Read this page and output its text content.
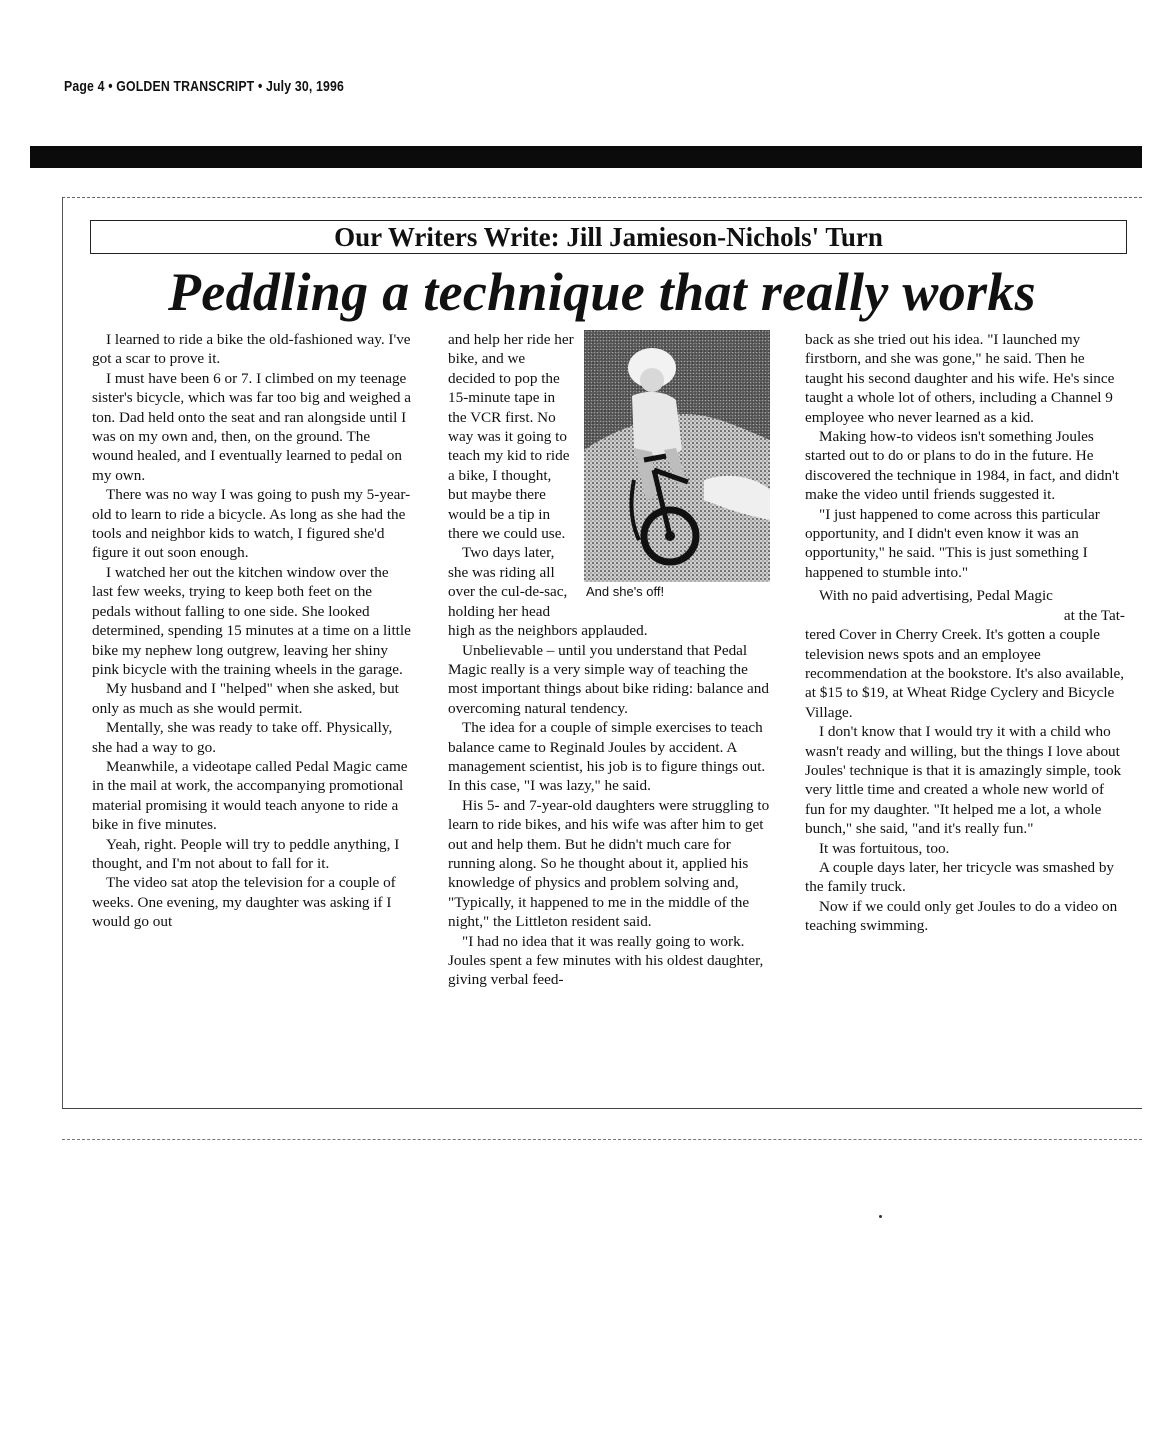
Page 4 • GOLDEN TRANSCRIPT • July 30, 1996
Our Writers Write: Jill Jamieson-Nichols' Turn
Peddling a technique that really works

I learned to ride a bike the old-fashioned way. I've got a scar to prove it.

I must have been 6 or 7. I climbed on my teenage sister's bicycle, which was far too big and weighed a ton. Dad held onto the seat and ran alongside until I was on my own and, then, on the ground. The wound healed, and I eventually learned to pedal on my own.

There was no way I was going to push my 5-year-old to learn to ride a bicycle. As long as she had the tools and neighbor kids to watch, I figured she'd figure it out soon enough.

I watched her out the kitchen window over the last few weeks, trying to keep both feet on the pedals without falling to one side. She looked determined, spending 15 minutes at a time on a little bike my nephew long outgrew, leaving her shiny pink bicycle with the training wheels in the garage.

My husband and I "helped" when she asked, but only as much as she would permit.

Mentally, she was ready to take off. Physically, she had a way to go.

Meanwhile, a videotape called Pedal Magic came in the mail at work, the accompanying promotional material promising it would teach anyone to ride a bike in five minutes.

Yeah, right. People will try to peddle anything, I thought, and I'm not about to fall for it.

The video sat atop the television for a couple of weeks. One evening, my daughter was asking if I would go out

And she's off!

and help her ride her bike, and we decided to pop the 15-minute tape in the VCR first. No way was it going to teach my kid to ride a bike, I thought, but maybe there would be a tip in there we could use.

Two days later, she was riding all over the cul-de-sac, holding her head high as the neighbors applauded.

Unbelievable – until you understand that Pedal Magic really is a very simple way of teaching the most important things about bike riding: balance and overcoming natural tendency.

The idea for a couple of simple exercises to teach balance came to Reginald Joules by accident. A management scientist, his job is to figure things out. In this case, "I was lazy," he said.

His 5- and 7-year-old daughters were struggling to learn to ride bikes, and his wife was after him to get out and help them. But he didn't much care for running along. So he thought about it, applied his knowledge of physics and problem solving and, "Typically, it happened to me in the middle of the night," the Littleton resident said.

"I had no idea that it was really going to work. Joules spent a few minutes with his oldest daughter, giving verbal feed-

back as she tried out his idea. "I launched my firstborn, and she was gone," he said. Then he taught his second daughter and his wife. He's since taught a whole lot of others, including a Channel 9 employee who never learned as a kid.

Making how-to videos isn't something Joules started out to do or plans to do in the future. He discovered the technique in 1984, in fact, and didn't make the video until friends suggested it.

"I just happened to come across this particular opportunity, and I didn't even know it was an opportunity," he said. "This is just something I happened to stumble into."

With no paid advertising, Pedal Magic

at the Tat-

tered Cover in Cherry Creek. It's gotten a couple television news spots and an employee recommendation at the bookstore. It's also available, at $15 to $19, at Wheat Ridge Cyclery and Bicycle Village.

I don't know that I would try it with a child who wasn't ready and willing, but the things I love about Joules' technique is that it is amazingly simple, took very little time and created a whole new world of fun for my daughter. "It helped me a lot, a whole bunch," she said, "and it's really fun."

It was fortuitous, too.

A couple days later, her tricycle was smashed by the family truck.

Now if we could only get Joules to do a video on teaching swimming.
